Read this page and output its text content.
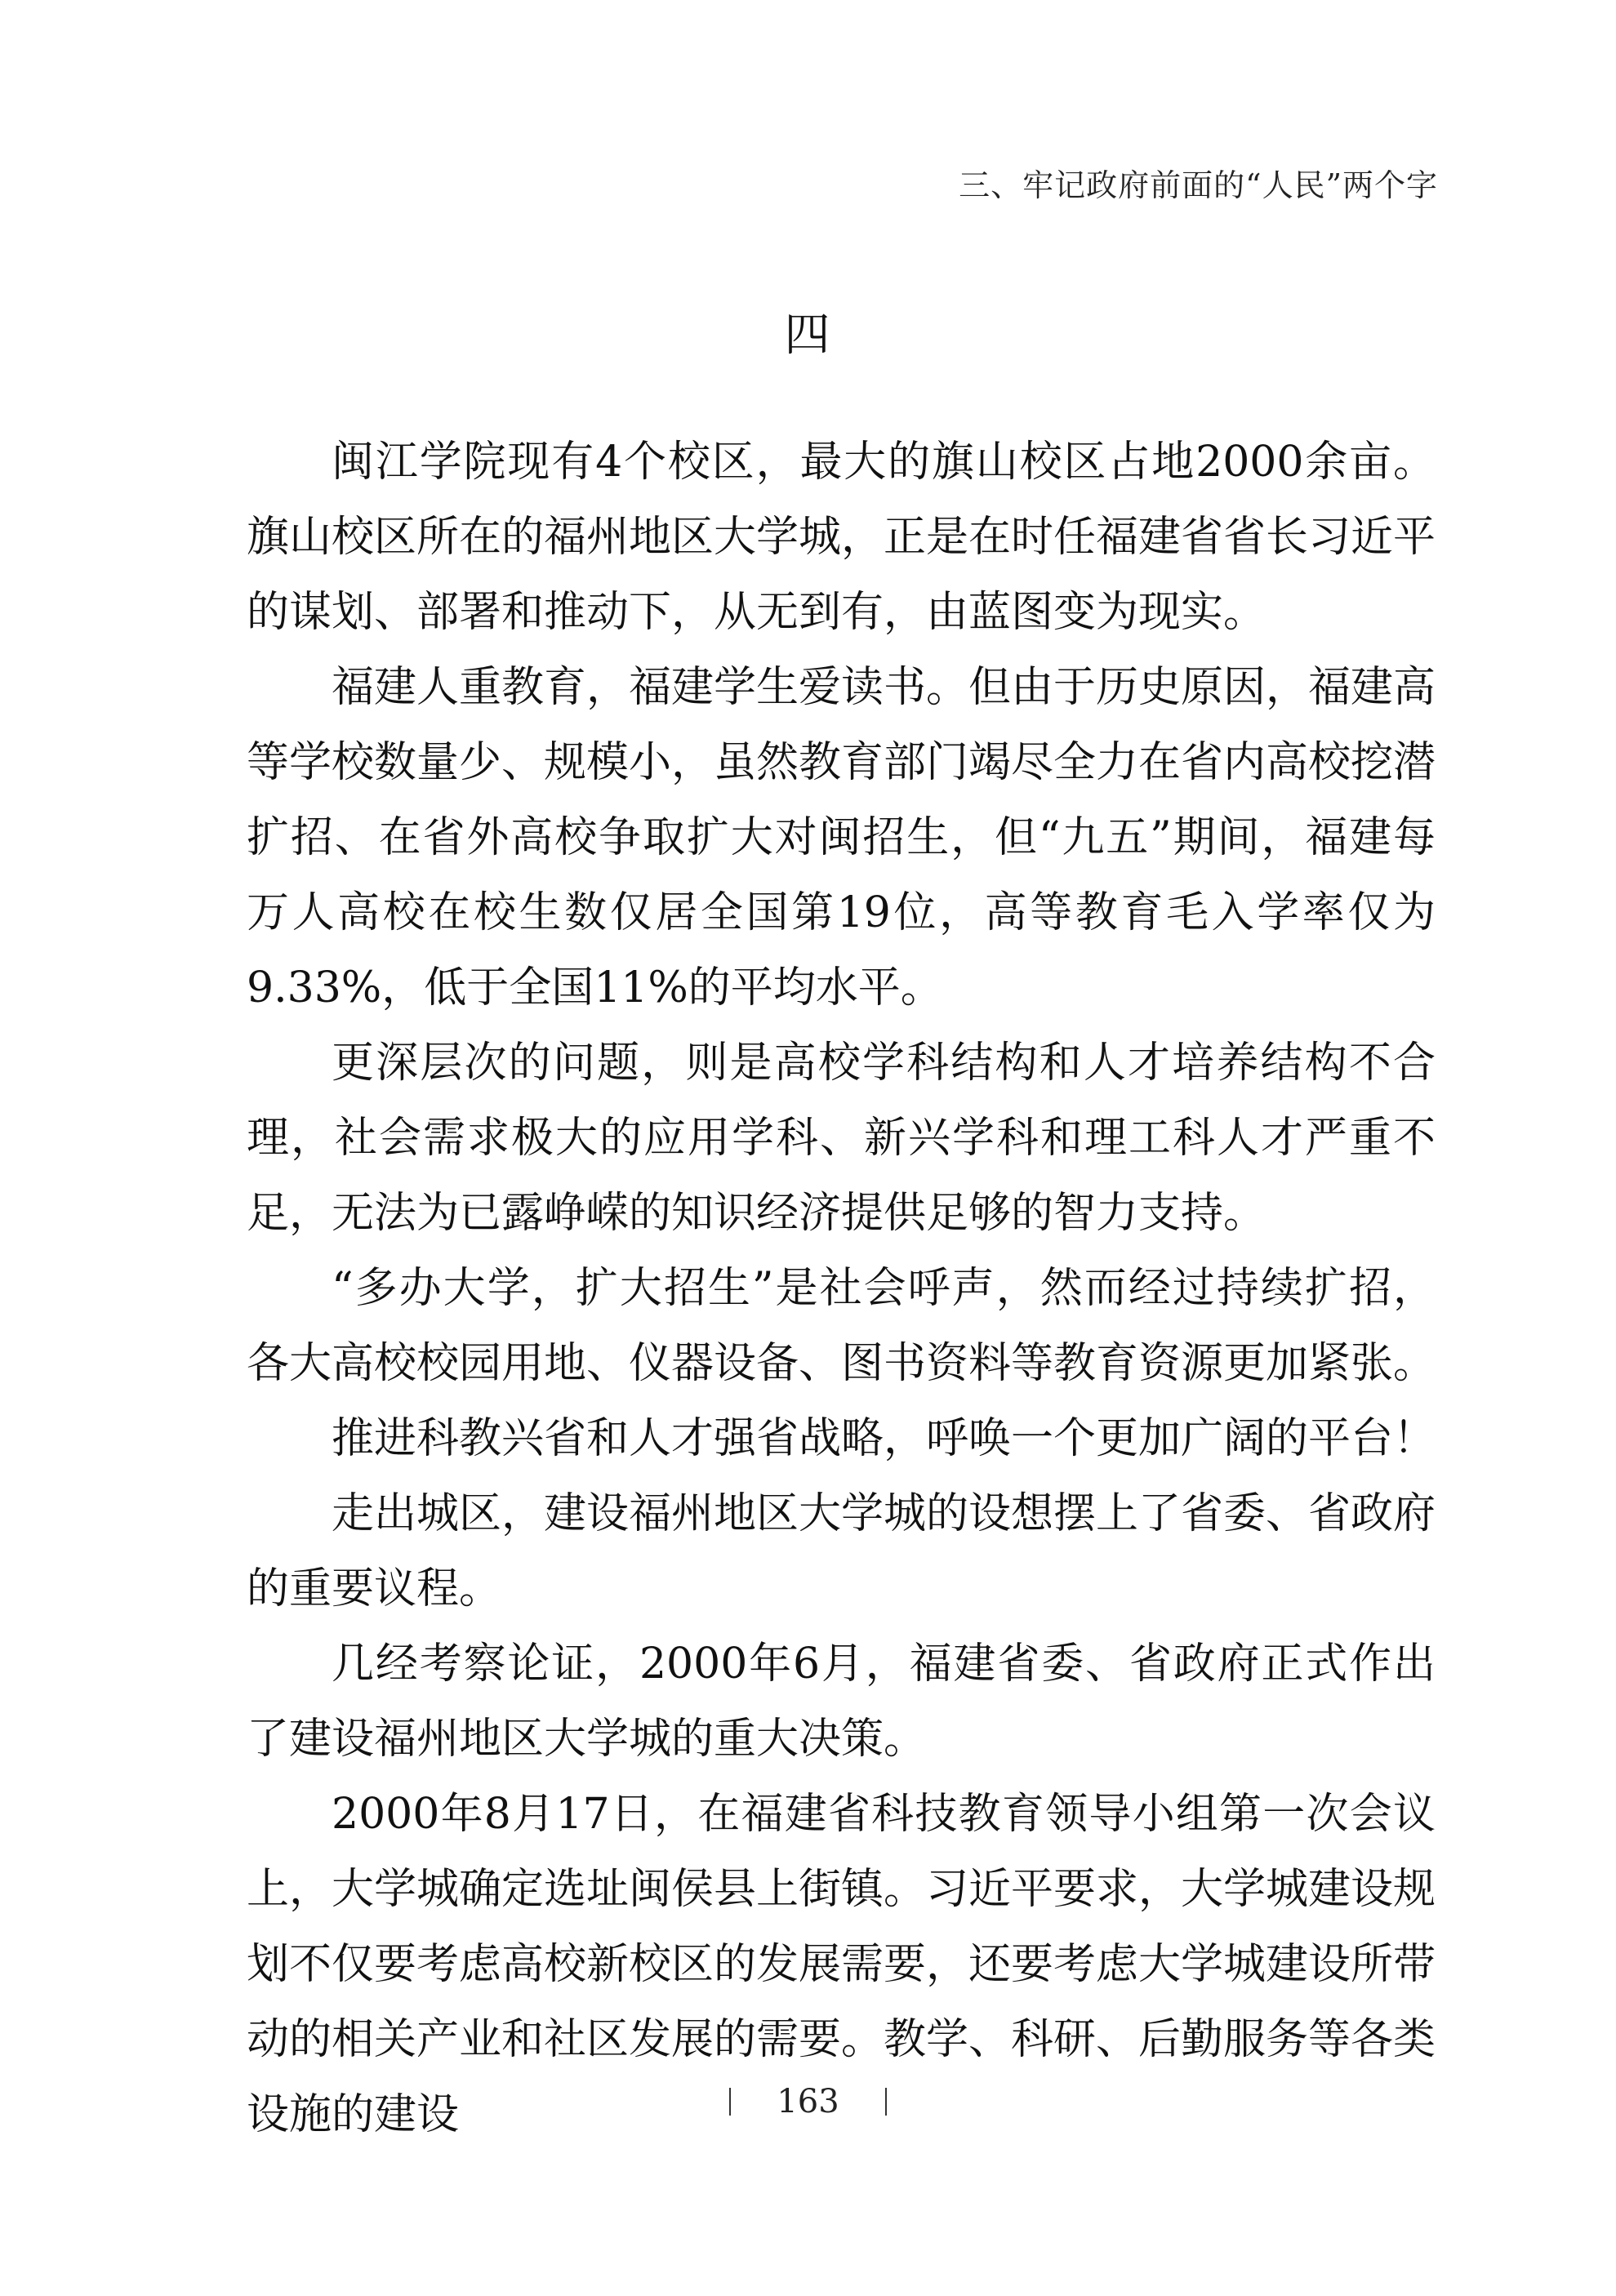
三、牢记政府前面的“人民”两个字
四

闽江学院现有4个校区，最大的旗山校区占地2000余亩。旗山校区所在的福州地区大学城，正是在时任福建省省长习近平的谋划、部署和推动下，从无到有，由蓝图变为现实。

福建人重教育，福建学生爱读书。但由于历史原因，福建高等学校数量少、规模小，虽然教育部门竭尽全力在省内高校挖潜扩招、在省外高校争取扩大对闽招生，但“九五”期间，福建每万人高校在校生数仅居全国第19位，高等教育毛入学率仅为9.33%，低于全国11%的平均水平。

更深层次的问题，则是高校学科结构和人才培养结构不合理，社会需求极大的应用学科、新兴学科和理工科人才严重不足，无法为已露峥嵘的知识经济提供足够的智力支持。

“多办大学，扩大招生”是社会呼声，然而经过持续扩招，各大高校校园用地、仪器设备、图书资料等教育资源更加紧张。

推进科教兴省和人才强省战略，呼唤一个更加广阔的平台！

走出城区，建设福州地区大学城的设想摆上了省委、省政府的重要议程。

几经考察论证，2000年6月，福建省委、省政府正式作出了建设福州地区大学城的重大决策。

2000年8月17日，在福建省科技教育领导小组第一次会议上，大学城确定选址闽侯县上街镇。习近平要求，大学城建设规划不仅要考虑高校新校区的发展需要，还要考虑大学城建设所带动的相关产业和社区发展的需要。教学、科研、后勤服务等各类设施的建设	163
